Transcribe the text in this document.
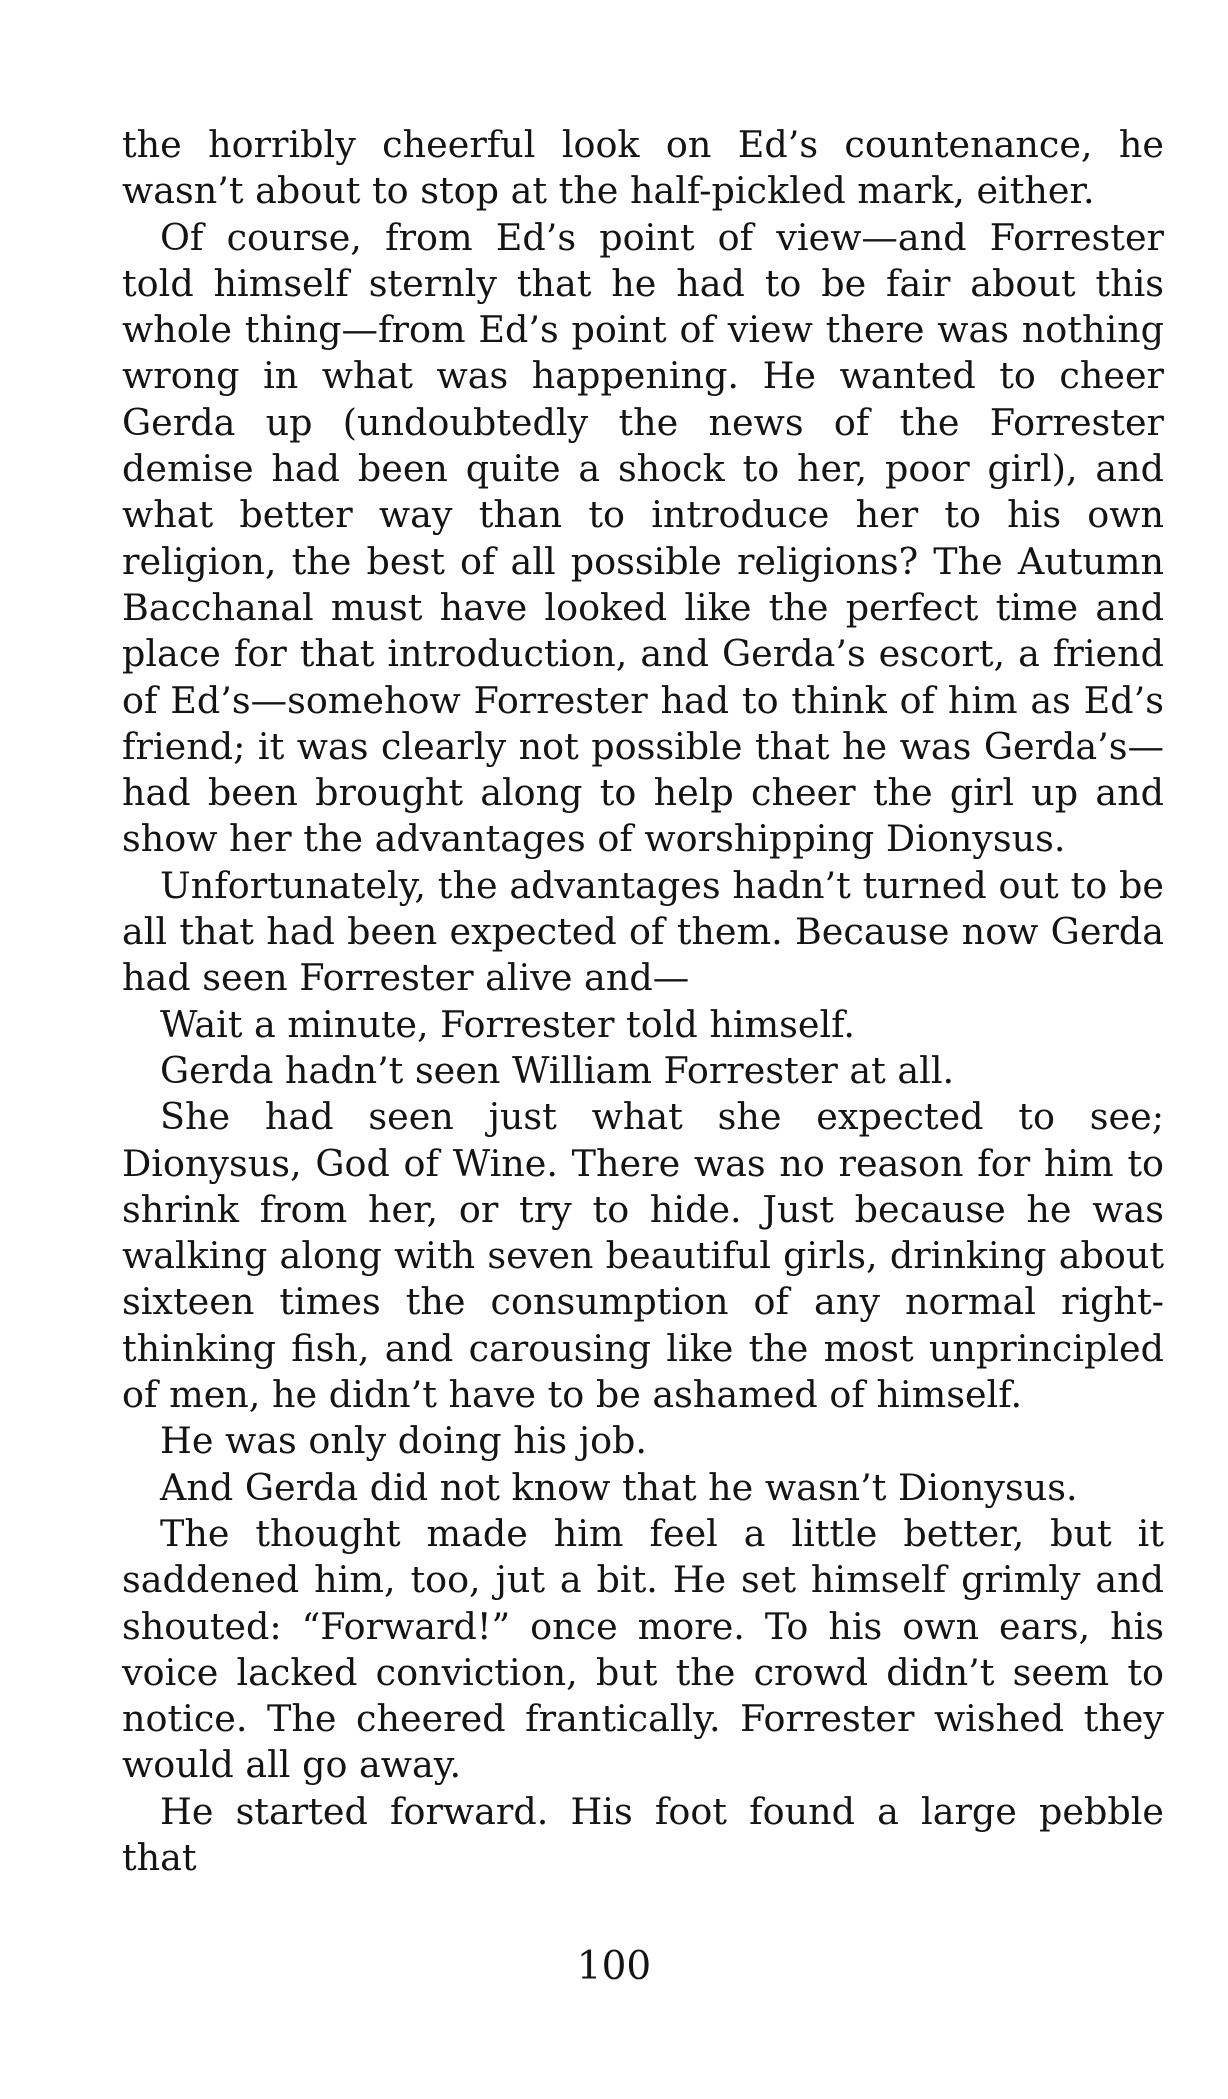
the horribly cheerful look on Ed’s countenance, he wasn’t about to stop at the half-pickled mark, either.

Of course, from Ed’s point of view—and Forrester told himself sternly that he had to be fair about this whole thing—from Ed’s point of view there was nothing wrong in what was happening. He wanted to cheer Gerda up (undoubtedly the news of the Forrester demise had been quite a shock to her, poor girl), and what better way than to introduce her to his own religion, the best of all possible religions? The Autumn Bacchanal must have looked like the perfect time and place for that introduction, and Gerda’s escort, a friend of Ed’s—somehow Forrester had to think of him as Ed’s friend; it was clearly not possible that he was Gerda’s—had been brought along to help cheer the girl up and show her the advantages of worshipping Dionysus.

Unfortunately, the advantages hadn’t turned out to be all that had been expected of them. Because now Gerda had seen Forrester alive and—

Wait a minute, Forrester told himself.

Gerda hadn’t seen William Forrester at all.

She had seen just what she expected to see; Dionysus, God of Wine. There was no reason for him to shrink from her, or try to hide. Just because he was walking along with seven beautiful girls, drinking about sixteen times the consumption of any normal right-thinking fish, and carousing like the most unprincipled of men, he didn’t have to be ashamed of himself.

He was only doing his job.

And Gerda did not know that he wasn’t Dionysus.

The thought made him feel a little better, but it saddened him, too, jut a bit. He set himself grimly and shouted: “Forward!” once more. To his own ears, his voice lacked conviction, but the crowd didn’t seem to notice. The cheered frantically. Forrester wished they would all go away.

He started forward. His foot found a large pebble that

100
